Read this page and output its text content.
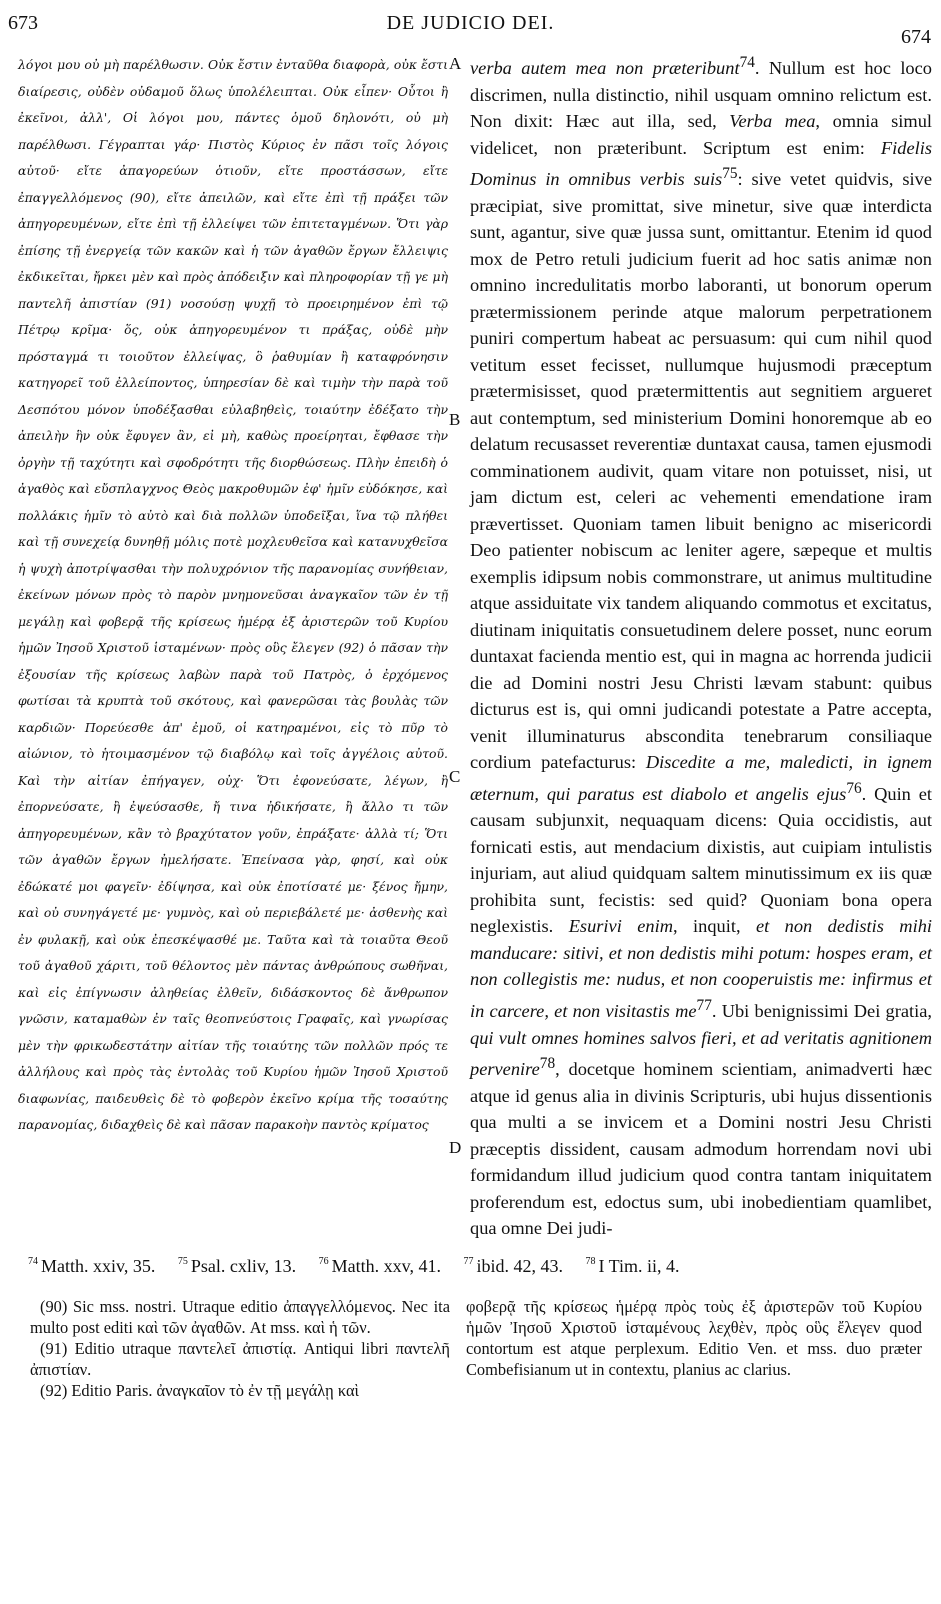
673	DE JUDICIO DEI.
674

λόγοι μου οὐ μὴ παρέλθωσιν. Οὐκ ἔστιν ἐνταῦθα διαφορὰ, οὐκ ἔστι διαίρεσις, οὐδὲν οὐδαμοῦ ὅλως ὑπολέλειπται. Οὐκ εἶπεν· Οὗτοι ἢ ἐκεῖνοι, ἀλλ', Οἱ λόγοι μου, πάντες ὁμοῦ δηλονότι, οὐ μὴ παρέλθωσι. Γέγραπται γάρ· Πιστὸς Κύριος ἐν πᾶσι τοῖς λόγοις αὐτοῦ· εἴτε ἀπαγορεύων ὁτιοῦν, εἴτε προστάσσων, εἴτε ἐπαγγελλόμενος (90), εἴτε ἀπειλῶν, καὶ εἴτε ἐπὶ τῇ πράξει τῶν ἀπηγορευμένων, εἴτε ἐπὶ τῇ ἐλλείψει τῶν ἐπιτεταγμένων. Ὅτι γὰρ ἐπίσης τῇ ἐνεργείᾳ τῶν κακῶν καὶ ἡ τῶν ἀγαθῶν ἔργων ἔλλειψις ἐκδικεῖται, ἤρκει μὲν καὶ πρὸς ἀπόδειξιν καὶ πληροφορίαν τῇ γε μὴ παντελῆ ἀπιστίαν (91) νοσούσῃ ψυχῇ τὸ προειρημένον ἐπὶ τῷ Πέτρῳ κρῖμα· ὅς, οὐκ ἀπηγορευμένον τι πράξας, οὐδὲ μὴν πρόσταγμά τι τοιοῦτον ἐλλείψας, ὃ ῥαθυμίαν ἢ καταφρόνησιν κατηγορεῖ τοῦ ἐλλείποντος, ὑπηρεσίαν δὲ καὶ τιμὴν τὴν παρὰ τοῦ Δεσπότου μόνον ὑποδέξασθαι εὐλαβηθεὶς, τοιαύτην ἐδέξατο τὴν ἀπειλὴν ἣν οὐκ ἔφυγεν ἂν, εἰ μὴ, καθὼς προείρηται, ἔφθασε τὴν ὀργὴν τῇ ταχύτητι καὶ σφοδρότητι τῆς διορθώσεως. Πλὴν ἐπειδὴ ὁ ἀγαθὸς καὶ εὔσπλαγχνος Θεὸς μακροθυμῶν ἐφ' ἡμῖν εὐδόκησε, καὶ πολλάκις ἡμῖν τὸ αὐτὸ καὶ διὰ πολλῶν ὑποδεῖξαι, ἵνα τῷ πλήθει καὶ τῇ συνεχείᾳ δυνηθῇ μόλις ποτὲ μοχλευθεῖσα καὶ κατανυχθεῖσα ἡ ψυχὴ ἀποτρίψασθαι τὴν πολυχρόνιον τῆς παρανομίας συνήθειαν, ἐκείνων μόνων πρὸς τὸ παρὸν μνημονεῦσαι ἀναγκαῖον τῶν ἐν τῇ μεγάλῃ καὶ φοβερᾷ τῆς κρίσεως ἡμέρᾳ ἐξ ἀριστερῶν τοῦ Κυρίου ἡμῶν Ἰησοῦ Χριστοῦ ἱσταμένων· πρὸς οὓς ἔλεγεν (92) ὁ πᾶσαν τὴν ἐξουσίαν τῆς κρίσεως λαβὼν παρὰ τοῦ Πατρὸς, ὁ ἐρχόμενος φωτίσαι τὰ κρυπτὰ τοῦ σκότους, καὶ φανερῶσαι τὰς βουλὰς τῶν καρδιῶν· Πορεύεσθε ἀπ' ἐμοῦ, οἱ κατηραμένοι, εἰς τὸ πῦρ τὸ αἰώνιον, τὸ ἡτοιμασμένον τῷ διαβόλῳ καὶ τοῖς ἀγγέλοις αὐτοῦ. Καὶ τὴν αἰτίαν ἐπήγαγεν, οὐχ· Ὅτι ἐφονεύσατε, λέγων, ἢ ἐπορνεύσατε, ἢ ἐψεύσασθε, ἤ τινα ἠδικήσατε, ἢ ἄλλο τι τῶν ἀπηγορευμένων, κἂν τὸ βραχύτατον γοῦν, ἐπράξατε· ἀλλὰ τί; Ὅτι τῶν ἀγαθῶν ἔργων ἠμελήσατε. Ἐπείνασα γὰρ, φησί, καὶ οὐκ ἐδώκατέ μοι φαγεῖν· ἐδίψησα, καὶ οὐκ ἐποτίσατέ με· ξένος ἤμην, καὶ οὐ συνηγάγετέ με· γυμνὸς, καὶ οὐ περιεβάλετέ με· ἀσθενὴς καὶ ἐν φυλακῇ, καὶ οὐκ ἐπεσκέψασθέ με. Ταῦτα καὶ τὰ τοιαῦτα Θεοῦ τοῦ ἀγαθοῦ χάριτι, τοῦ θέλοντος μὲν πάντας ἀνθρώπους σωθῆναι, καὶ εἰς ἐπίγνωσιν ἀληθείας ἐλθεῖν, διδάσκοντος δὲ ἄνθρωπον γνῶσιν, καταμαθὼν ἐν ταῖς θεοπνεύστοις Γραφαῖς, καὶ γνωρίσας μὲν τὴν φρικωδεστάτην αἰτίαν τῆς τοιαύτης τῶν πολλῶν πρός τε ἀλλήλους καὶ πρὸς τὰς ἐντολὰς τοῦ Κυρίου ἡμῶν Ἰησοῦ Χριστοῦ διαφωνίας, παιδευθεὶς δὲ τὸ φοβερὸν ἐκεῖνο κρίμα τῆς τοσαύτης παρανομίας, διδαχθεὶς δὲ καὶ πᾶσαν παρακοὴν παντὸς κρίματος

A
B
C
D

verba autem mea non prӕteribunt$^{74}$. Nullum est hoc loco discrimen, nulla distinctio, nihil usquam omnino relictum est. Non dixit: Hӕc aut illa, sed, Verba mea, omnia simul videlicet, non prӕteribunt. Scriptum est enim: Fidelis Dominus in omnibus verbis suis$^{75}$: sive vetet quidvis, sive prӕcipiat, sive promittat, sive minetur, sive quӕ interdicta sunt, agantur, sive quӕ jussa sunt, omittantur. Etenim id quod mox de Petro retuli judicium fuerit ad hoc satis animӕ non omnino incredulitatis morbo laboranti, ut bonorum operum prӕtermissionem perinde atque malorum perpetrationem puniri compertum habeat ac persuasum: qui cum nihil quod vetitum esset fecisset, nullumque hujusmodi prӕceptum prӕtermisisset, quod prӕtermittentis aut segnitiem argueret aut contemptum, sed ministerium Domini honoremque ab eo delatum recusasset reverentiӕ duntaxat causa, tamen ejusmodi comminationem audivit, quam vitare non potuisset, nisi, ut jam dictum est, celeri ac vehementi emendatione iram prӕvertisset. Quoniam tamen libuit benigno ac misericordi Deo patienter nobiscum ac leniter agere, sӕpeque et multis exemplis idipsum nobis commonstrare, ut animus multitudine atque assiduitate vix tandem aliquando commotus et excitatus, diutinam iniquitatis consuetudinem delere posset, nunc eorum duntaxat facienda mentio est, qui in magna ac horrenda judicii die ad Domini nostri Jesu Christi lӕvam stabunt: quibus dicturus est is, qui omni judicandi potestate a Patre accepta, venit illuminaturus abscondita tenebrarum consiliaque cordium patefacturus: Discedite a me, maledicti, in ignem ӕternum, qui paratus est diabolo et angelis ejus$^{76}$. Quin et causam subjunxit, nequaquam dicens: Quia occidistis, aut fornicati estis, aut mendacium dixistis, aut cuipiam intulistis injuriam, aut aliud quidquam saltem minutissimum ex iis quӕ prohibita sunt, fecistis: sed quid? Quoniam bona opera neglexistis. Esurivi enim, inquit, et non dedistis mihi manducare: sitivi, et non dedistis mihi potum: hospes eram, et non collegistis me: nudus, et non cooperuistis me: infirmus et in carcere, et non visitastis $me^{77}$. Ubi benignissimi Dei gratia, qui vult omnes homines salvos fieri, et ad veritatis agnitionem pervenire$^{78}$, docetque hominem scientiam, animadverti hӕc atque id genus alia in divinis Scripturis, ubi hujus dissentionis qua multi a se invicem et a Domini nostri Jesu Christi prӕceptis dissident, causam admodum horrendam novi ubi formidandum illud judicium quod contra tantam iniquitatem proferendum est, edoctus sum, ubi inobedientiam quamlibet, qua omne Dei judi-

$^{74}$ Matth. xxiv, 35. $^{75}$ Psal. cxliv, 13. $^{76}$ Matth. xxv, 41. $^{77}$ ibid. 42, 43. $^{78}$ I Tim. ii, 4.

(90) Sic mss. nostri. Utraque editio ἀπαγγελλόμενος. Nec ita multo post editi καὶ τῶν ἀγαθῶν. At mss. καὶ ἡ τῶν.

(91) Editio utraque παντελεῖ ἀπιστίᾳ. Antiqui libri παντελῆ ἀπιστίαν.

(92) Editio Paris. ἀναγκαῖον τὸ ἐν τῇ μεγάλῃ καὶ

φοβερᾷ τῆς κρίσεως ἡμέρᾳ πρὸς τοὺς ἐξ ἀριστερῶν τοῦ Κυρίου ἡμῶν Ἰησοῦ Χριστοῦ ἱσταμένους λεχθὲν, πρὸς οὓς ἔλεγεν quod contortum est atque perplexum. Editio Ven. et mss. duo prӕter Combefisianum ut in contextu, planius ac clarius.
